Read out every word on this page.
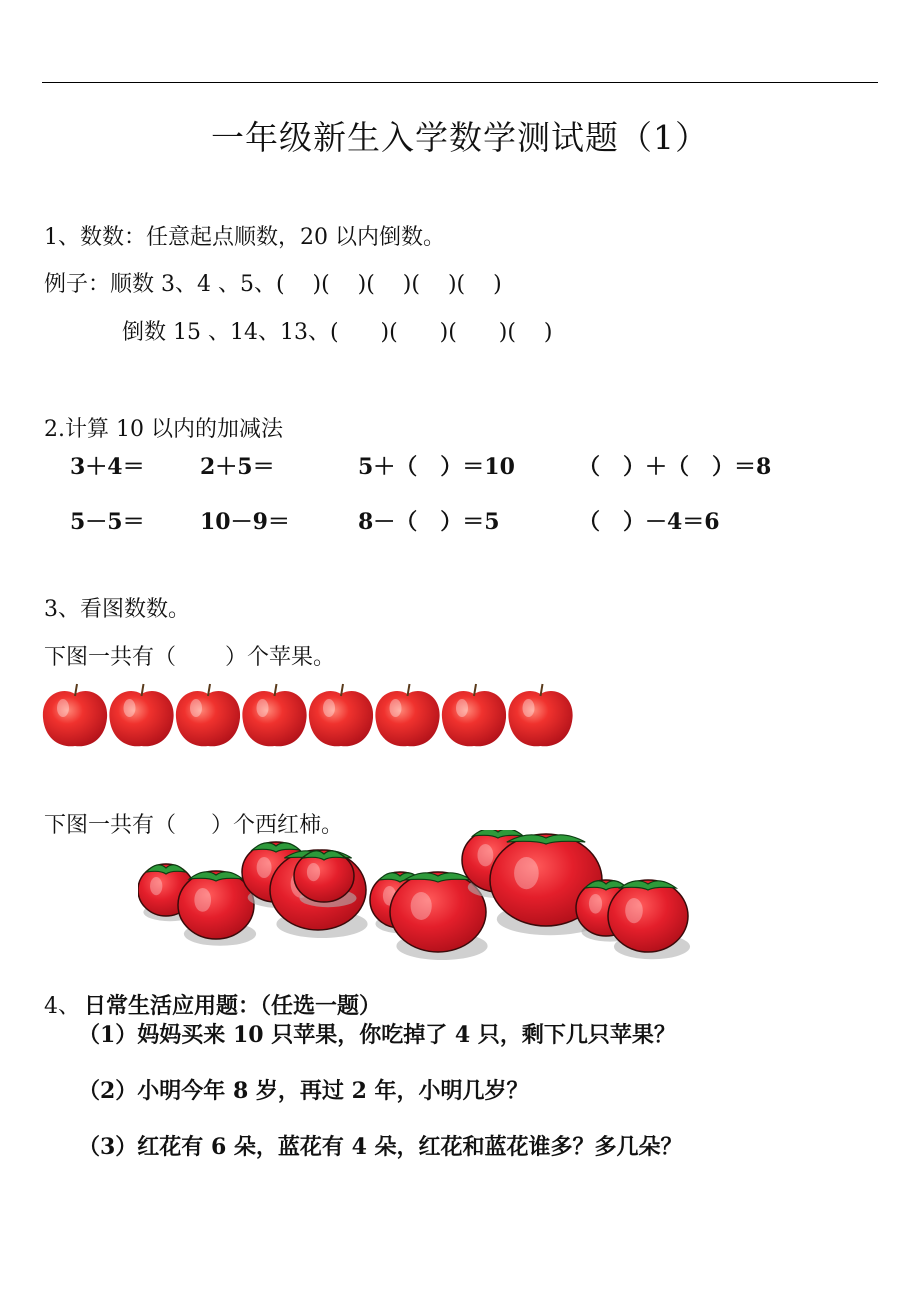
一年级新生入学数学测试题（1）
1、数数：任意起点顺数，20 以内倒数。
例子：顺数 3、4 、5、(    )(    )(    )(    )(    )
倒数 15 、14、13、(      )(      )(      )(    )
2.计算 10 以内的加减法
3＋4＝	2＋5＝	5＋（   ）＝10	（   ）＋（   ）＝8
5－5＝	10－9＝	8－（   ）＝5	（   ）－4＝6
3、看图数数。
下图一共有（       ）个苹果。
下图一共有（     ）个西红柿。
4、 日常生活应用题：（任选一题）
（1）妈妈买来 10 只苹果，你吃掉了 4 只，剩下几只苹果？
（2）小明今年 8 岁，再过 2 年，小明几岁？
（3）红花有 6 朵，蓝花有 4 朵，红花和蓝花谁多？多几朵？
